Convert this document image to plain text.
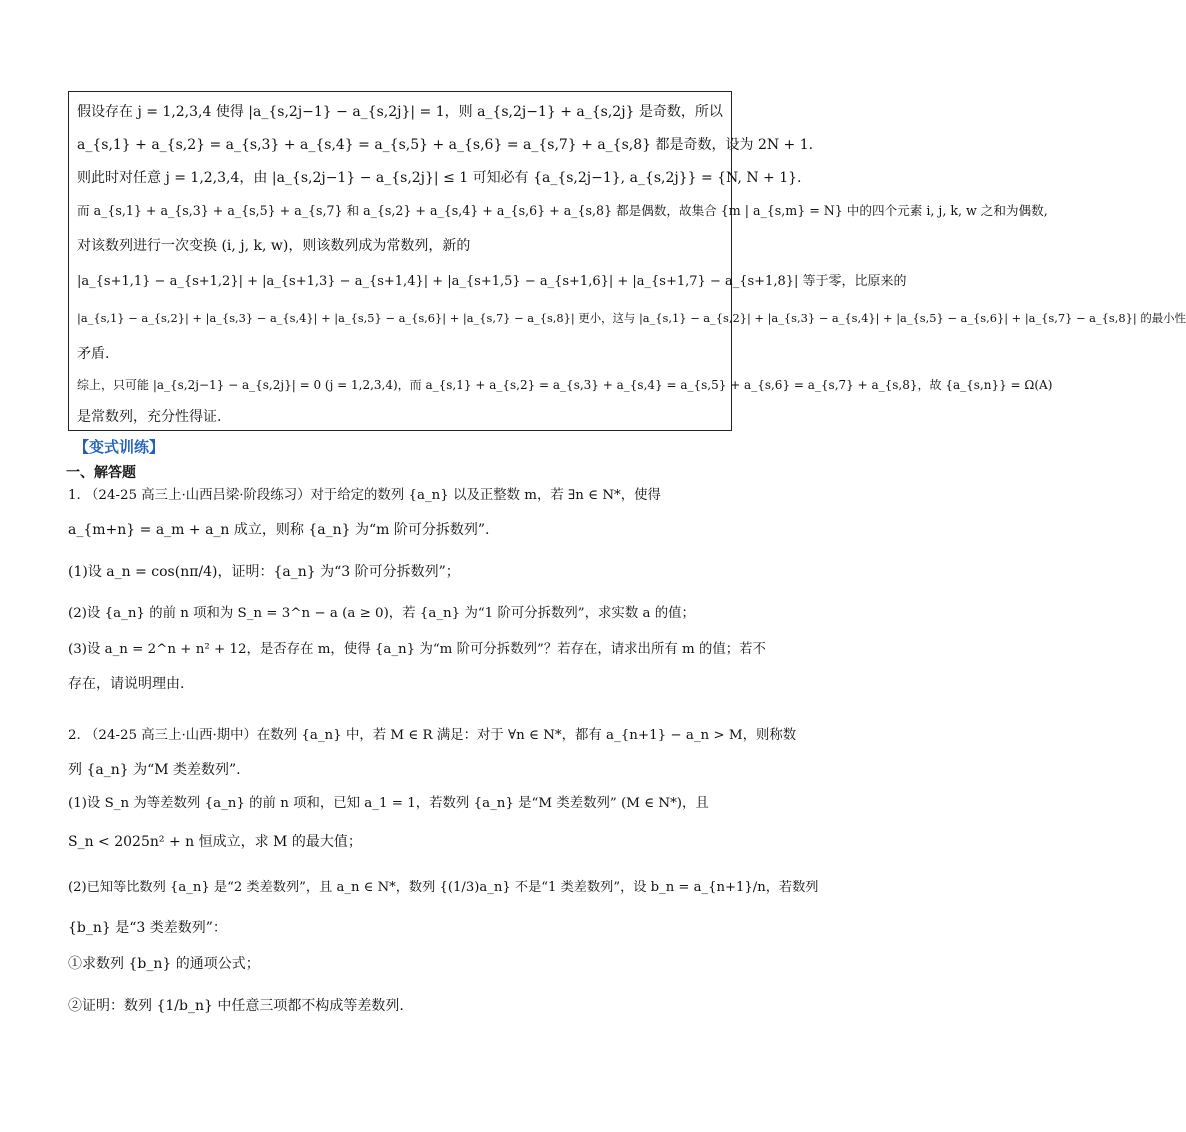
假设存在 j = 1,2,3,4 使得 |a_{s,2j−1} − a_{s,2j}| = 1，则 a_{s,2j−1} + a_{s,2j} 是奇数，所以
a_{s,1} + a_{s,2} = a_{s,3} + a_{s,4} = a_{s,5} + a_{s,6} = a_{s,7} + a_{s,8} 都是奇数，设为 2N + 1.
则此时对任意 j = 1,2,3,4，由 |a_{s,2j−1} − a_{s,2j}| ≤ 1 可知必有 {a_{s,2j−1}, a_{s,2j}} = {N, N + 1}.
而 a_{s,1} + a_{s,3} + a_{s,5} + a_{s,7} 和 a_{s,2} + a_{s,4} + a_{s,6} + a_{s,8} 都是偶数，故集合 {m | a_{s,m} = N} 中的四个元素 i, j, k, w 之和为偶数,
对该数列进行一次变换 (i, j, k, w)，则该数列成为常数列，新的
|a_{s+1,1} − a_{s+1,2}| + |a_{s+1,3} − a_{s+1,4}| + |a_{s+1,5} − a_{s+1,6}| + |a_{s+1,7} − a_{s+1,8}| 等于零，比原来的
|a_{s,1} − a_{s,2}| + |a_{s,3} − a_{s,4}| + |a_{s,5} − a_{s,6}| + |a_{s,7} − a_{s,8}| 更小，这与 |a_{s,1} − a_{s,2}| + |a_{s,3} − a_{s,4}| + |a_{s,5} − a_{s,6}| + |a_{s,7} − a_{s,8}| 的最小性
矛盾.
综上，只可能 |a_{s,2j−1} − a_{s,2j}| = 0 (j = 1,2,3,4)，而 a_{s,1} + a_{s,2} = a_{s,3} + a_{s,4} = a_{s,5} + a_{s,6} = a_{s,7} + a_{s,8}，故 {a_{s,n}} = Ω(A)
是常数列，充分性得证.
【变式训练】
一、解答题
1. （24-25 高三上·山西吕梁·阶段练习）对于给定的数列 {a_n} 以及正整数 m，若 ∃n ∈ N*，使得
a_{m+n} = a_m + a_n 成立，则称 {a_n} 为“m 阶可分拆数列”.
(1)设 a_n = cos(nπ/4)，证明：{a_n} 为“3 阶可分拆数列”；
(2)设 {a_n} 的前 n 项和为 S_n = 3^n − a (a ≥ 0)，若 {a_n} 为“1 阶可分拆数列”，求实数 a 的值；
(3)设 a_n = 2^n + n² + 12，是否存在 m，使得 {a_n} 为“m 阶可分拆数列”？若存在，请求出所有 m 的值；若不
存在，请说明理由.
2. （24-25 高三上·山西·期中）在数列 {a_n} 中，若 M ∈ R 满足：对于 ∀n ∈ N*，都有 a_{n+1} − a_n > M，则称数
列 {a_n} 为“M 类差数列”.
(1)设 S_n 为等差数列 {a_n} 的前 n 项和，已知 a_1 = 1，若数列 {a_n} 是“M 类差数列” (M ∈ N*)，且
S_n < 2025n² + n 恒成立，求 M 的最大值；
(2)已知等比数列 {a_n} 是“2 类差数列”，且 a_n ∈ N*，数列 {(1/3)a_n} 不是“1 类差数列”，设 b_n = a_{n+1}/n，若数列
{b_n} 是“3 类差数列”：
①求数列 {b_n} 的通项公式；
②证明：数列 {1/b_n} 中任意三项都不构成等差数列.
